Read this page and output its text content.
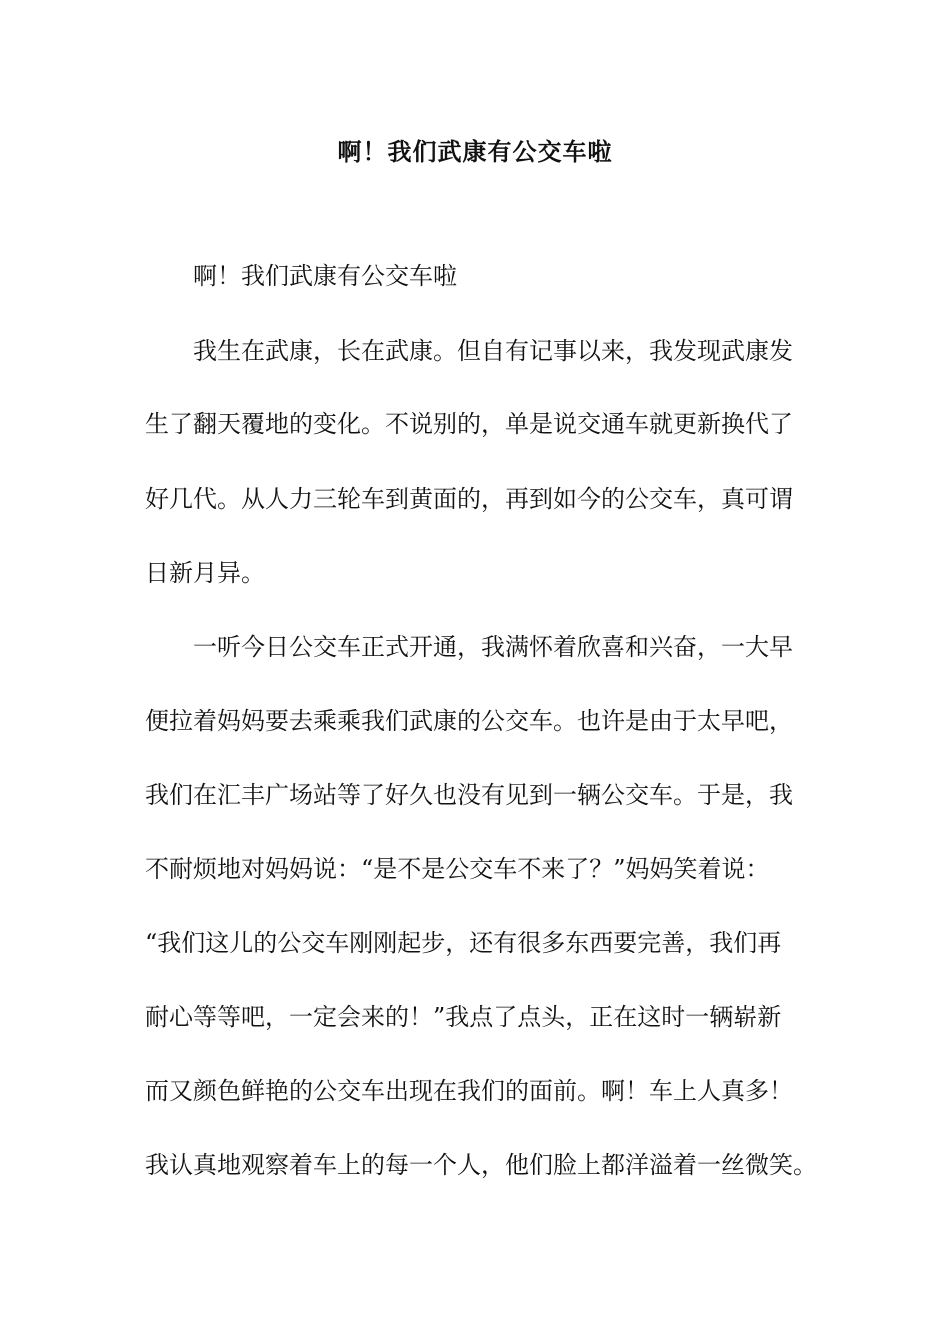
啊！我们武康有公交车啦
啊！我们武康有公交车啦
我生在武康，长在武康。但自有记事以来，我发现武康发
生了翻天覆地的变化。不说别的，单是说交通车就更新换代了
好几代。从人力三轮车到黄面的，再到如今的公交车，真可谓
日新月异。
一听今日公交车正式开通，我满怀着欣喜和兴奋，一大早
便拉着妈妈要去乘乘我们武康的公交车。也许是由于太早吧，
我们在汇丰广场站等了好久也没有见到一辆公交车。于是，我
不耐烦地对妈妈说：“是不是公交车不来了？”妈妈笑着说：
“我们这儿的公交车刚刚起步，还有很多东西要完善，我们再
耐心等等吧，一定会来的！”我点了点头，正在这时一辆崭新
而又颜色鲜艳的公交车出现在我们的面前。啊！车上人真多！
我认真地观察着车上的每一个人，他们脸上都洋溢着一丝微笑。
